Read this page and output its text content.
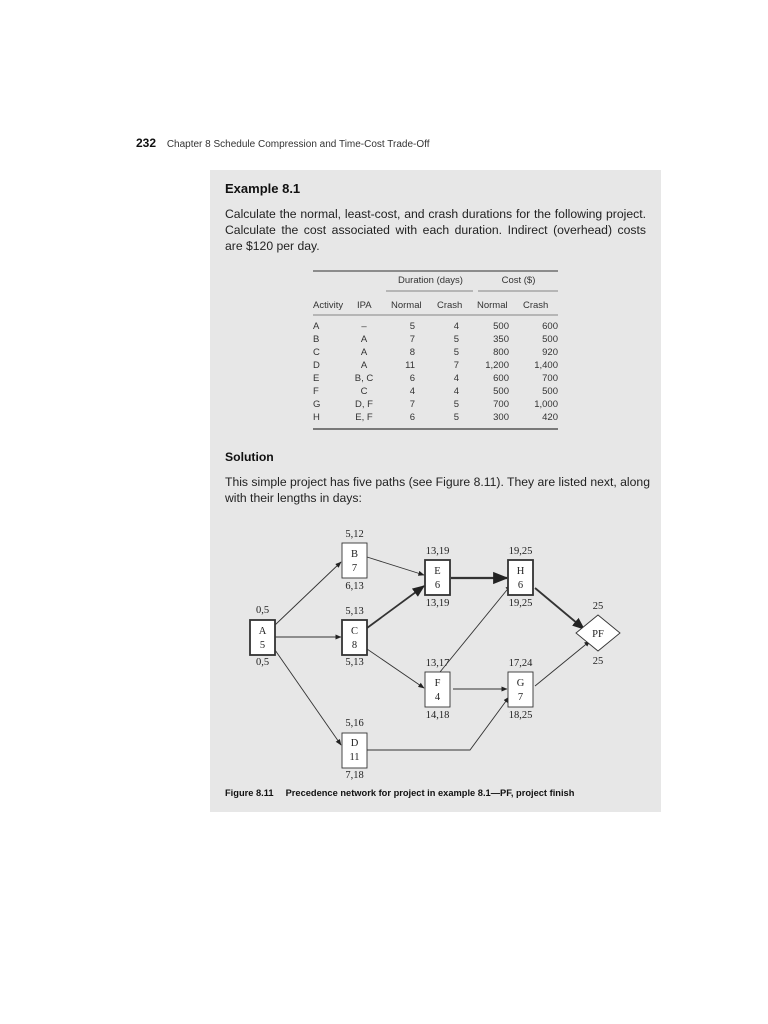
232 Chapter 8 Schedule Compression and Time-Cost Trade-Off
Example 8.1
Calculate the normal, least-cost, and crash durations for the following project. Calculate the cost associated with each duration. Indirect (overhead) costs are $120 per day.
Duration (days)	Cost ($)
Activity IPA Normal Crash Normal Crash
A	–	5	4	500	600
B	A	7	5	350	500
C	A	8	5	800	920
D	A	11	7	1,200	1,400
E	B, C	6	4	600	700
F	C	4	4	500	500
G	D, F	7	5	700	1,000
H	E, F	6	5	300	420
Solution
This simple project has five paths (see Figure 8.11). They are listed next, along with their lengths in days:
A
5
0,5
0,5
B
7
5,12
6,13
C
8
5,13
5,13
D
11
5,16
7,18
E
6
13,19
13,19
F
4
13,17
14,18
G
7
17,24
18,25
H
6
19,25
19,25
PF
25
25
Figure 8.11 Precedence network for project in example 8.1—PF, project finish
